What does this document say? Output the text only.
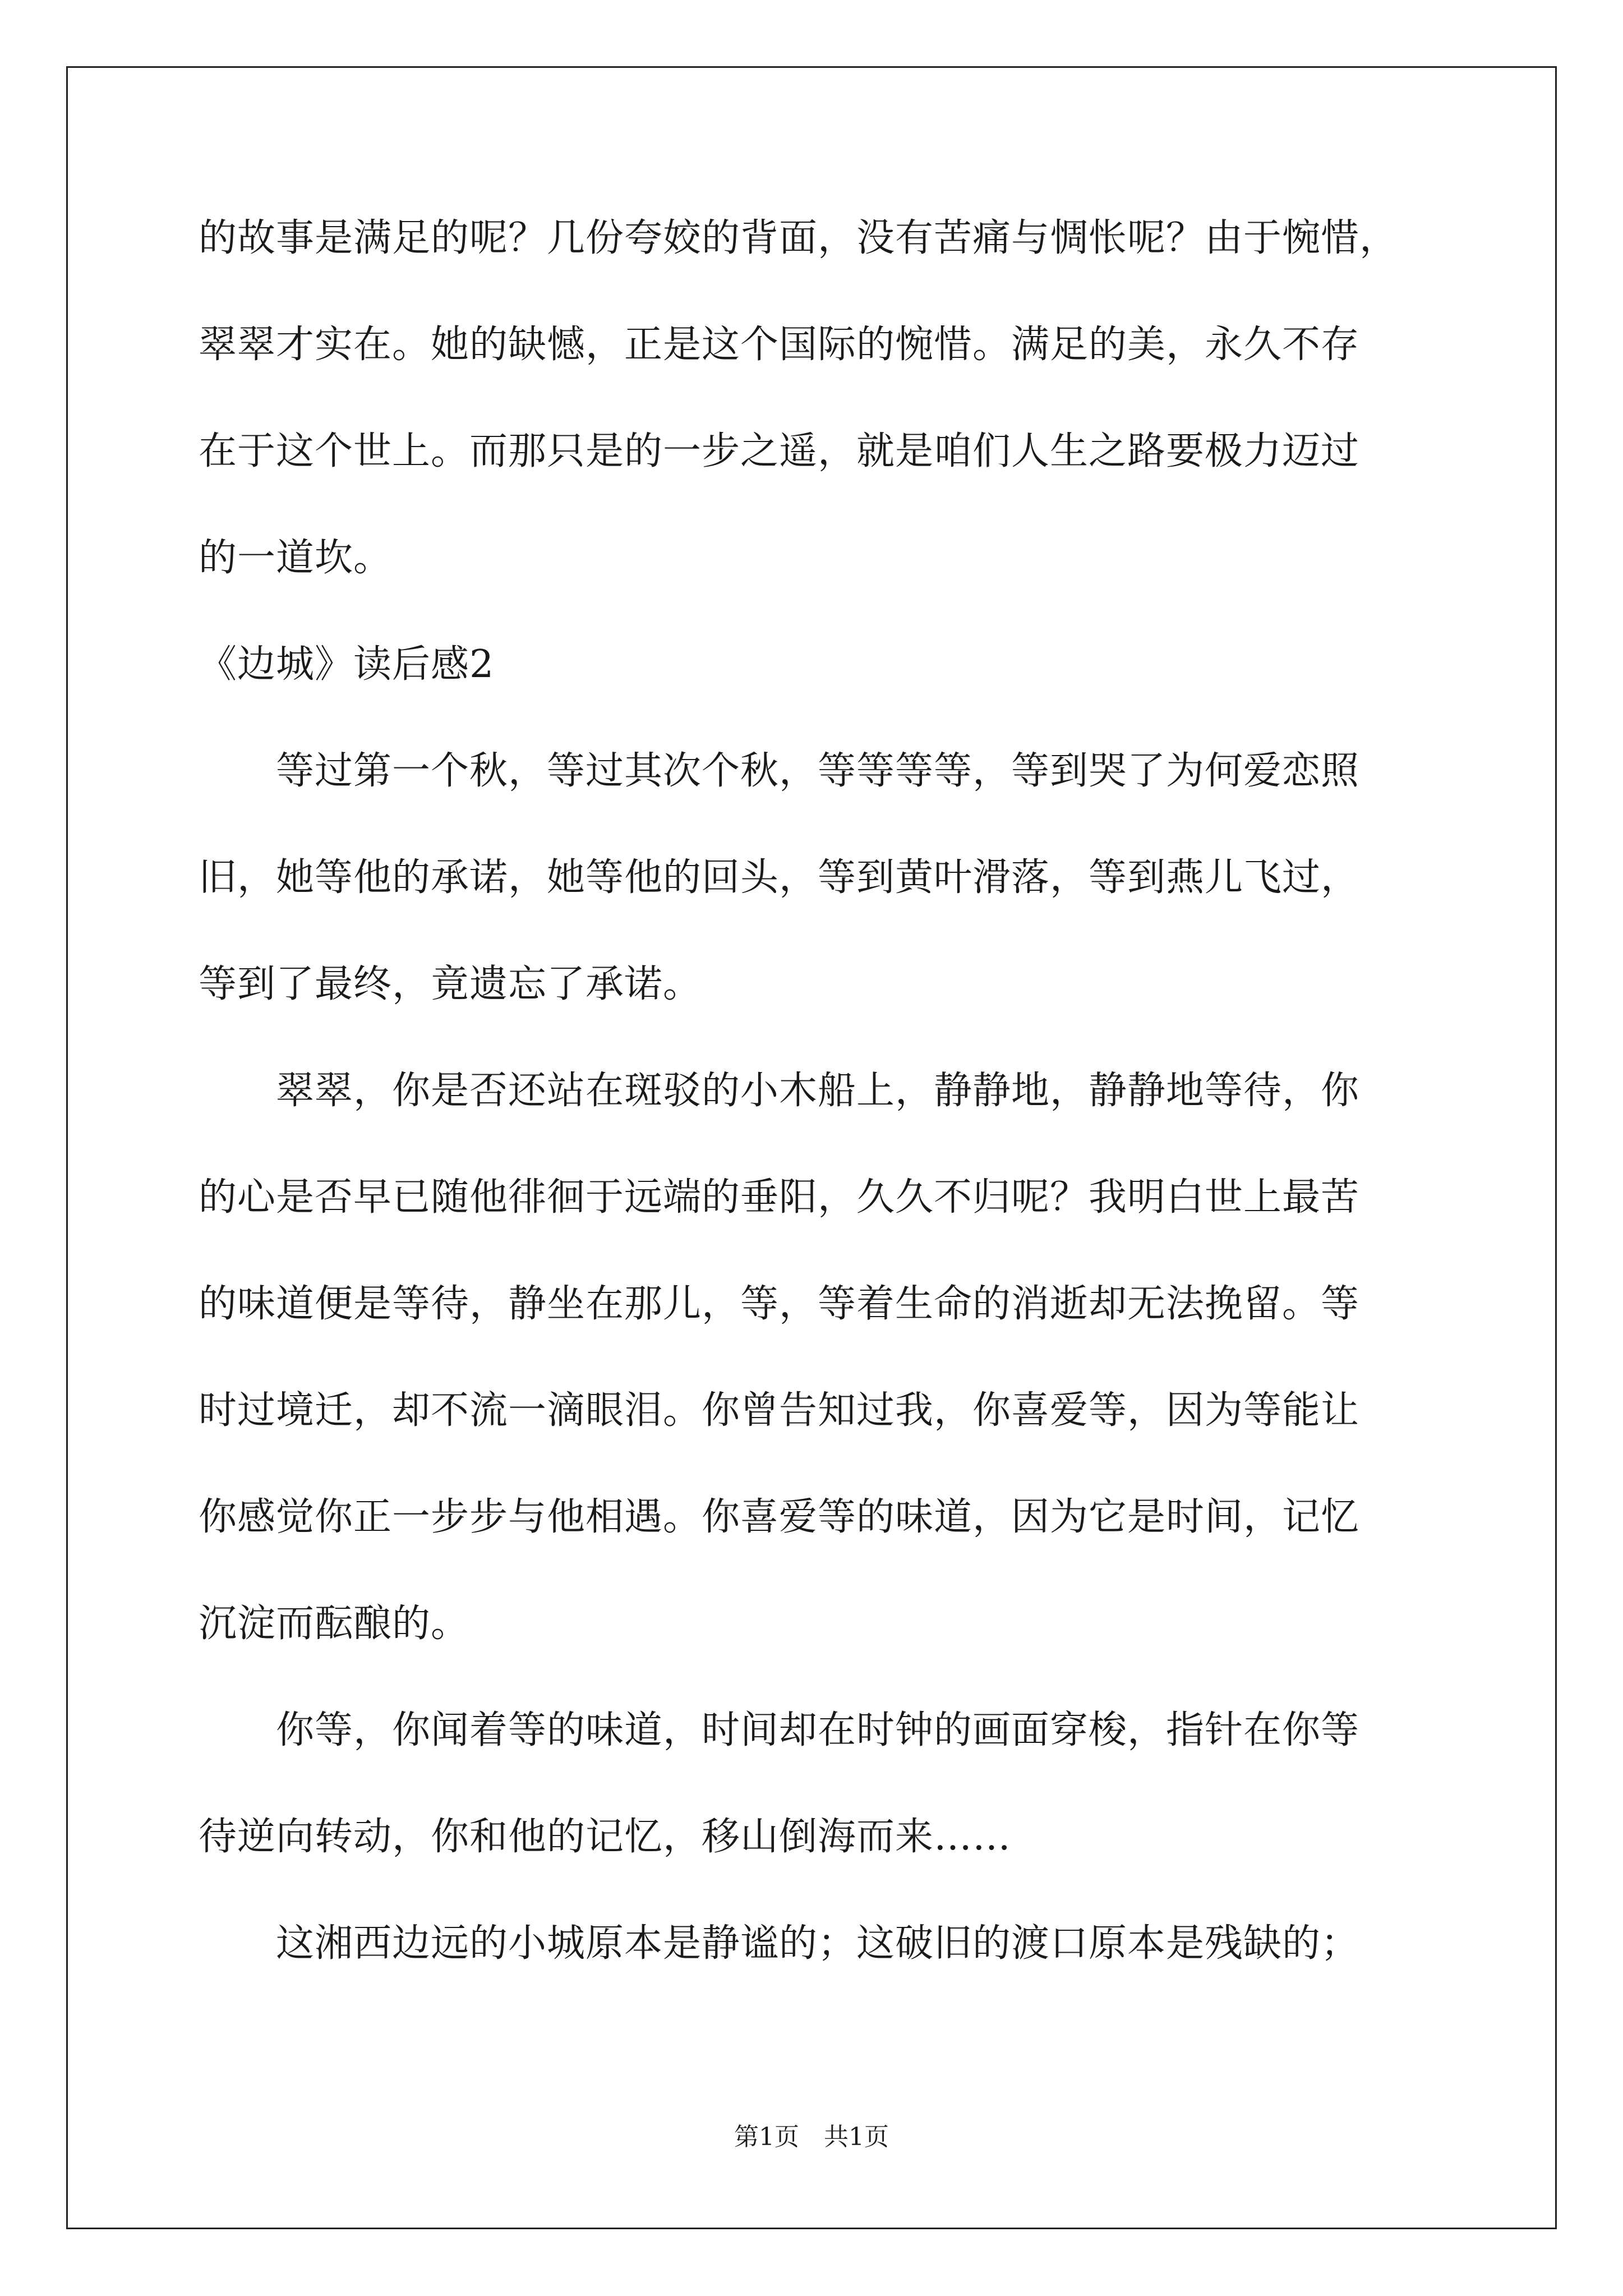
的故事是满足的呢？几份夸姣的背面，没有苦痛与惆怅呢？由于惋惜，
翠翠才实在。她的缺憾，正是这个国际的惋惜。满足的美，永久不存
在于这个世上。而那只是的一步之遥，就是咱们人生之路要极力迈过
的一道坎。
《边城》读后感2
　　等过第一个秋，等过其次个秋，等等等等，等到哭了为何爱恋照
旧，她等他的承诺，她等他的回头，等到黄叶滑落，等到燕儿飞过，
等到了最终，竟遗忘了承诺。
　　翠翠，你是否还站在斑驳的小木船上，静静地，静静地等待，你
的心是否早已随他徘徊于远端的垂阳，久久不归呢？我明白世上最苦
的味道便是等待，静坐在那儿，等，等着生命的消逝却无法挽留。等
时过境迁，却不流一滴眼泪。你曾告知过我，你喜爱等，因为等能让
你感觉你正一步步与他相遇。你喜爱等的味道，因为它是时间，记忆
沉淀而酝酿的。
　　你等，你闻着等的味道，时间却在时钟的画面穿梭，指针在你等
待逆向转动，你和他的记忆，移山倒海而来……
　　这湘西边远的小城原本是静谧的；这破旧的渡口原本是残缺的；
第1页　共1页
